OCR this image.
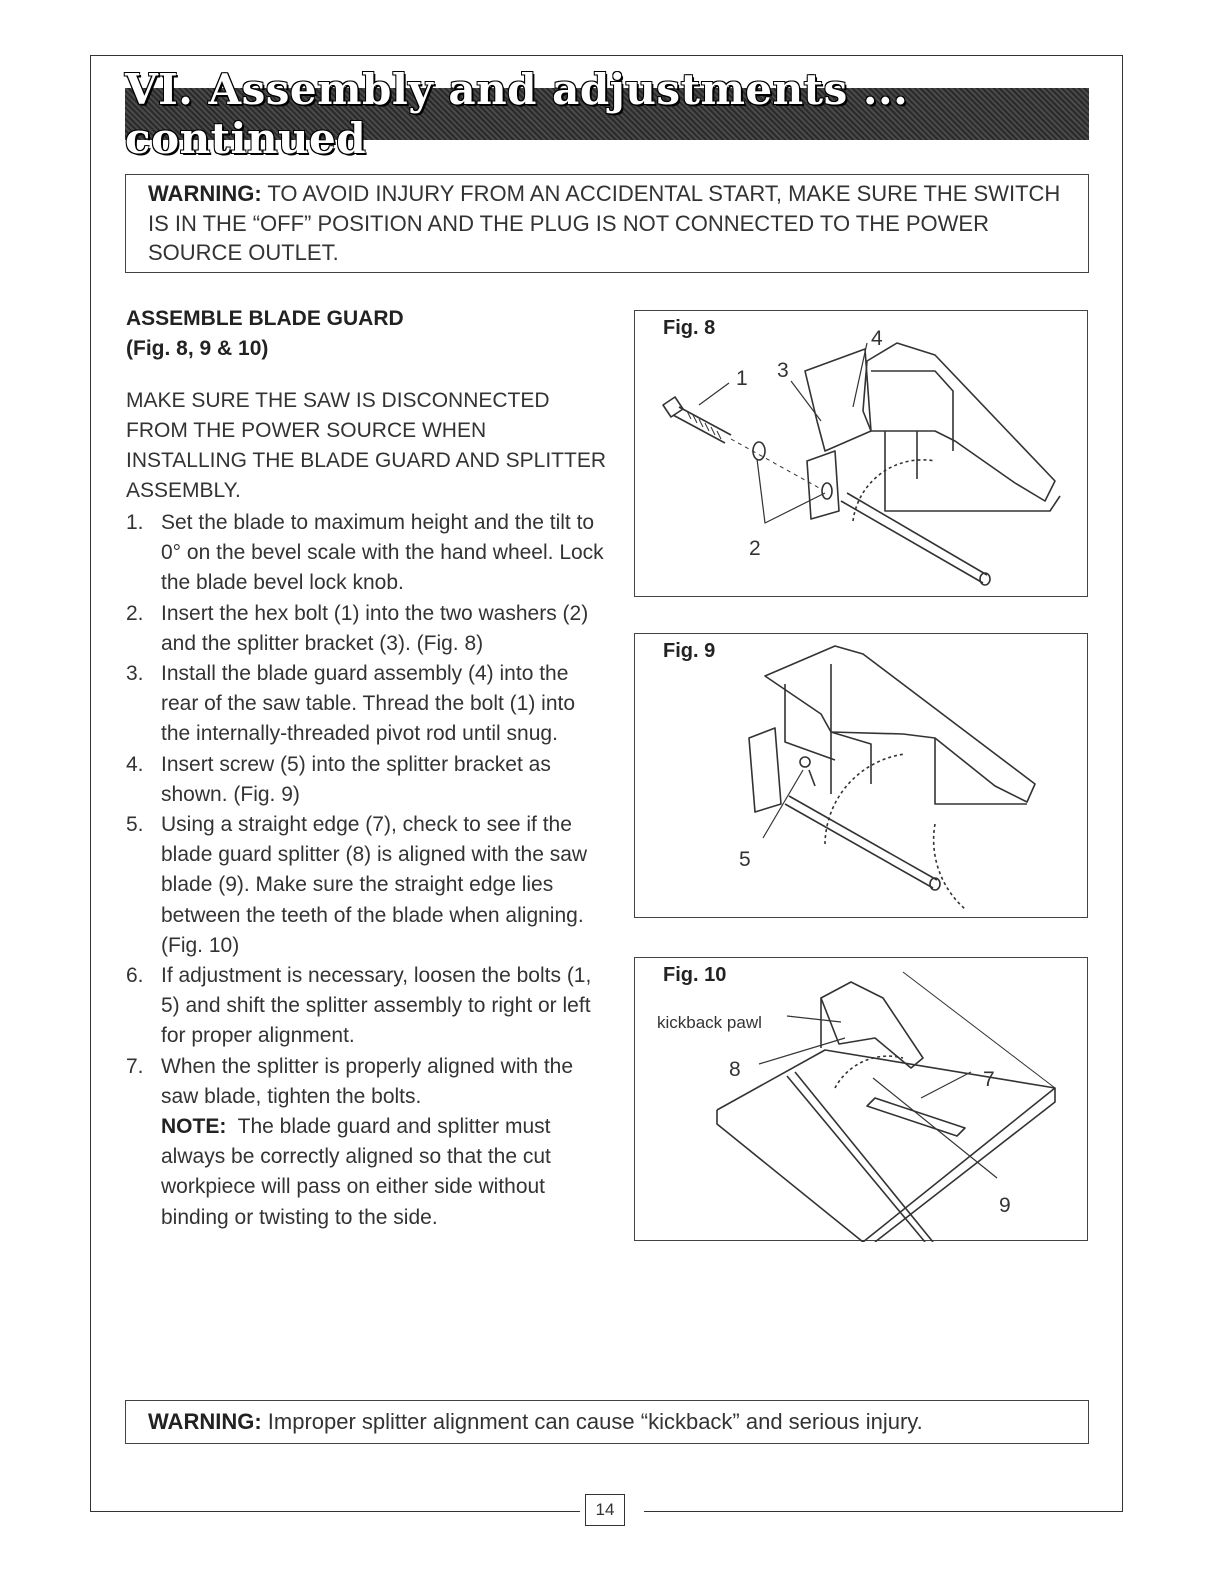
VI. Assembly and adjustments ... continued

WARNING: TO AVOID INJURY FROM AN ACCIDENTAL START, MAKE SURE THE SWITCH IS IN THE “OFF” POSITION AND THE PLUG IS NOT CONNECTED TO THE POWER SOURCE OUTLET.

ASSEMBLE BLADE GUARD

(Fig. 8, 9 & 10)

MAKE SURE THE SAW IS DISCONNECTED FROM THE POWER SOURCE WHEN INSTALLING THE BLADE GUARD AND SPLITTER ASSEMBLY.

1. Set the blade to maximum height and the tilt to 0° on the bevel scale with the hand wheel. Lock the blade bevel lock knob.
2. Insert the hex bolt (1) into the two washers (2) and the splitter bracket (3). (Fig. 8)
3. Install the blade guard assembly (4) into the rear of the saw table. Thread the bolt (1) into the internally-threaded pivot rod until snug.
4. Insert screw (5) into the splitter bracket as shown. (Fig. 9)
5. Using a straight edge (7), check to see if the blade guard splitter (8) is aligned with the saw blade (9). Make sure the straight edge lies between the teeth of the blade when aligning. (Fig. 10)
6. If adjustment is necessary, loosen the bolts (1, 5) and shift the splitter assembly to right or left for proper alignment.
7. When the splitter is properly aligned with the saw blade, tighten the bolts.
NOTE: The blade guard and splitter must always be correctly aligned so that the cut workpiece will pass on either side without binding or twisting to the side.
1
2
3
4
Fig. 8
5
Fig. 9
kickback pawl
8	7
9
Fig. 10

WARNING: Improper splitter alignment can cause “kickback” and serious injury.

14
